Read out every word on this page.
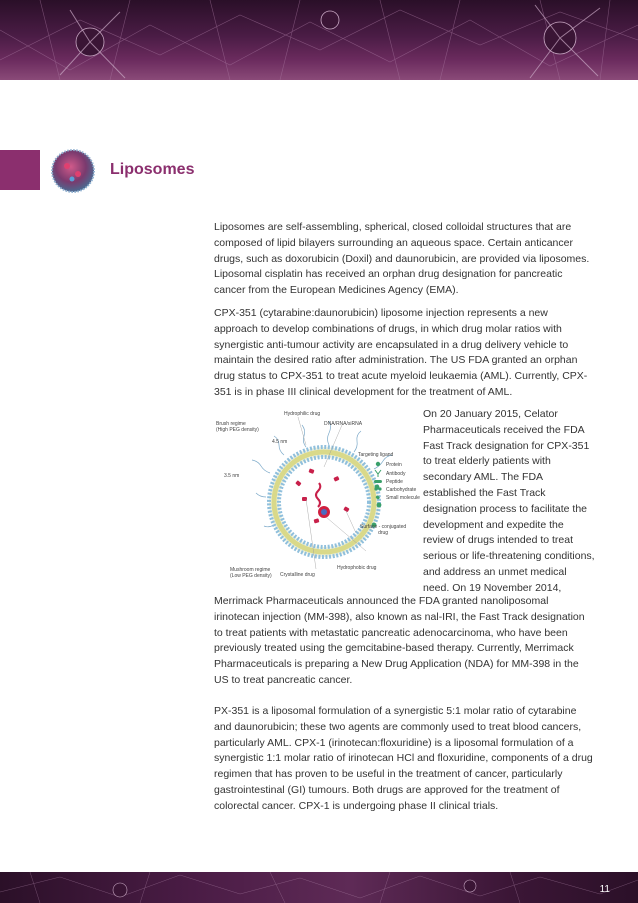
Liposomes

Liposomes are self-assembling, spherical, closed colloidal structures that are composed of lipid bilayers surrounding an aqueous space. Certain anticancer drugs, such as doxorubicin (Doxil) and daunorubicin, are provided via liposomes. Liposomal cisplatin has received an orphan drug designation for pancreatic cancer from the European Medicines Agency (EMA).

CPX-351 (cytarabine:daunorubicin) liposome injection represents a new approach to develop combinations of drugs, in which drug molar ratios with synergistic anti-tumour activity are encapsulated in a drug delivery vehicle to maintain the desired ratio after administration. The US FDA granted an orphan drug status to CPX-351 to treat acute myeloid leukaemia (AML). Currently, CPX-351 is in phase III clinical development for the treatment of AML.

Hydrophilic drug
DNA/RNA/siRNA
Brush regime
(High PEG density)
4.5 nm
Targeting ligand
Protein
Antibody
Peptide
Carbohydrate
Small molecule
3.5 nm
Surface - conjugated
drug
Hydrophobic drug
Crystalline drug
Mushroom regime
(Low PEG density)

On 20 January 2015, Celator Pharmaceuticals received the FDA Fast Track designation for CPX-351 to treat elderly patients with secondary AML. The FDA established the Fast Track designation process to facilitate the development and expedite the review of drugs intended to treat serious or life-threatening conditions, and address an unmet medical need. On 19 November 2014,

Merrimack Pharmaceuticals announced the FDA granted nanoliposomal irinotecan injection (MM-398), also known as nal-IRI, the Fast Track designation to treat patients with metastatic pancreatic adenocarcinoma, who have been previously treated using the gemcitabine-based therapy. Currently, Merrimack Pharmaceuticals is preparing a New Drug Application (NDA) for MM-398 in the US to treat pancreatic cancer.

PX-351 is a liposomal formulation of a synergistic 5:1 molar ratio of cytarabine and daunorubicin; these two agents are commonly used to treat blood cancers, particularly AML. CPX-1 (irinotecan:floxuridine) is a liposomal formulation of a synergistic 1:1 molar ratio of irinotecan HCl and floxuridine, components of a drug regimen that has proven to be useful in the treatment of cancer, particularly gastrointestinal (GI) tumours. Both drugs are approved for the treatment of colorectal cancer. CPX-1 is undergoing phase II clinical trials.

11
